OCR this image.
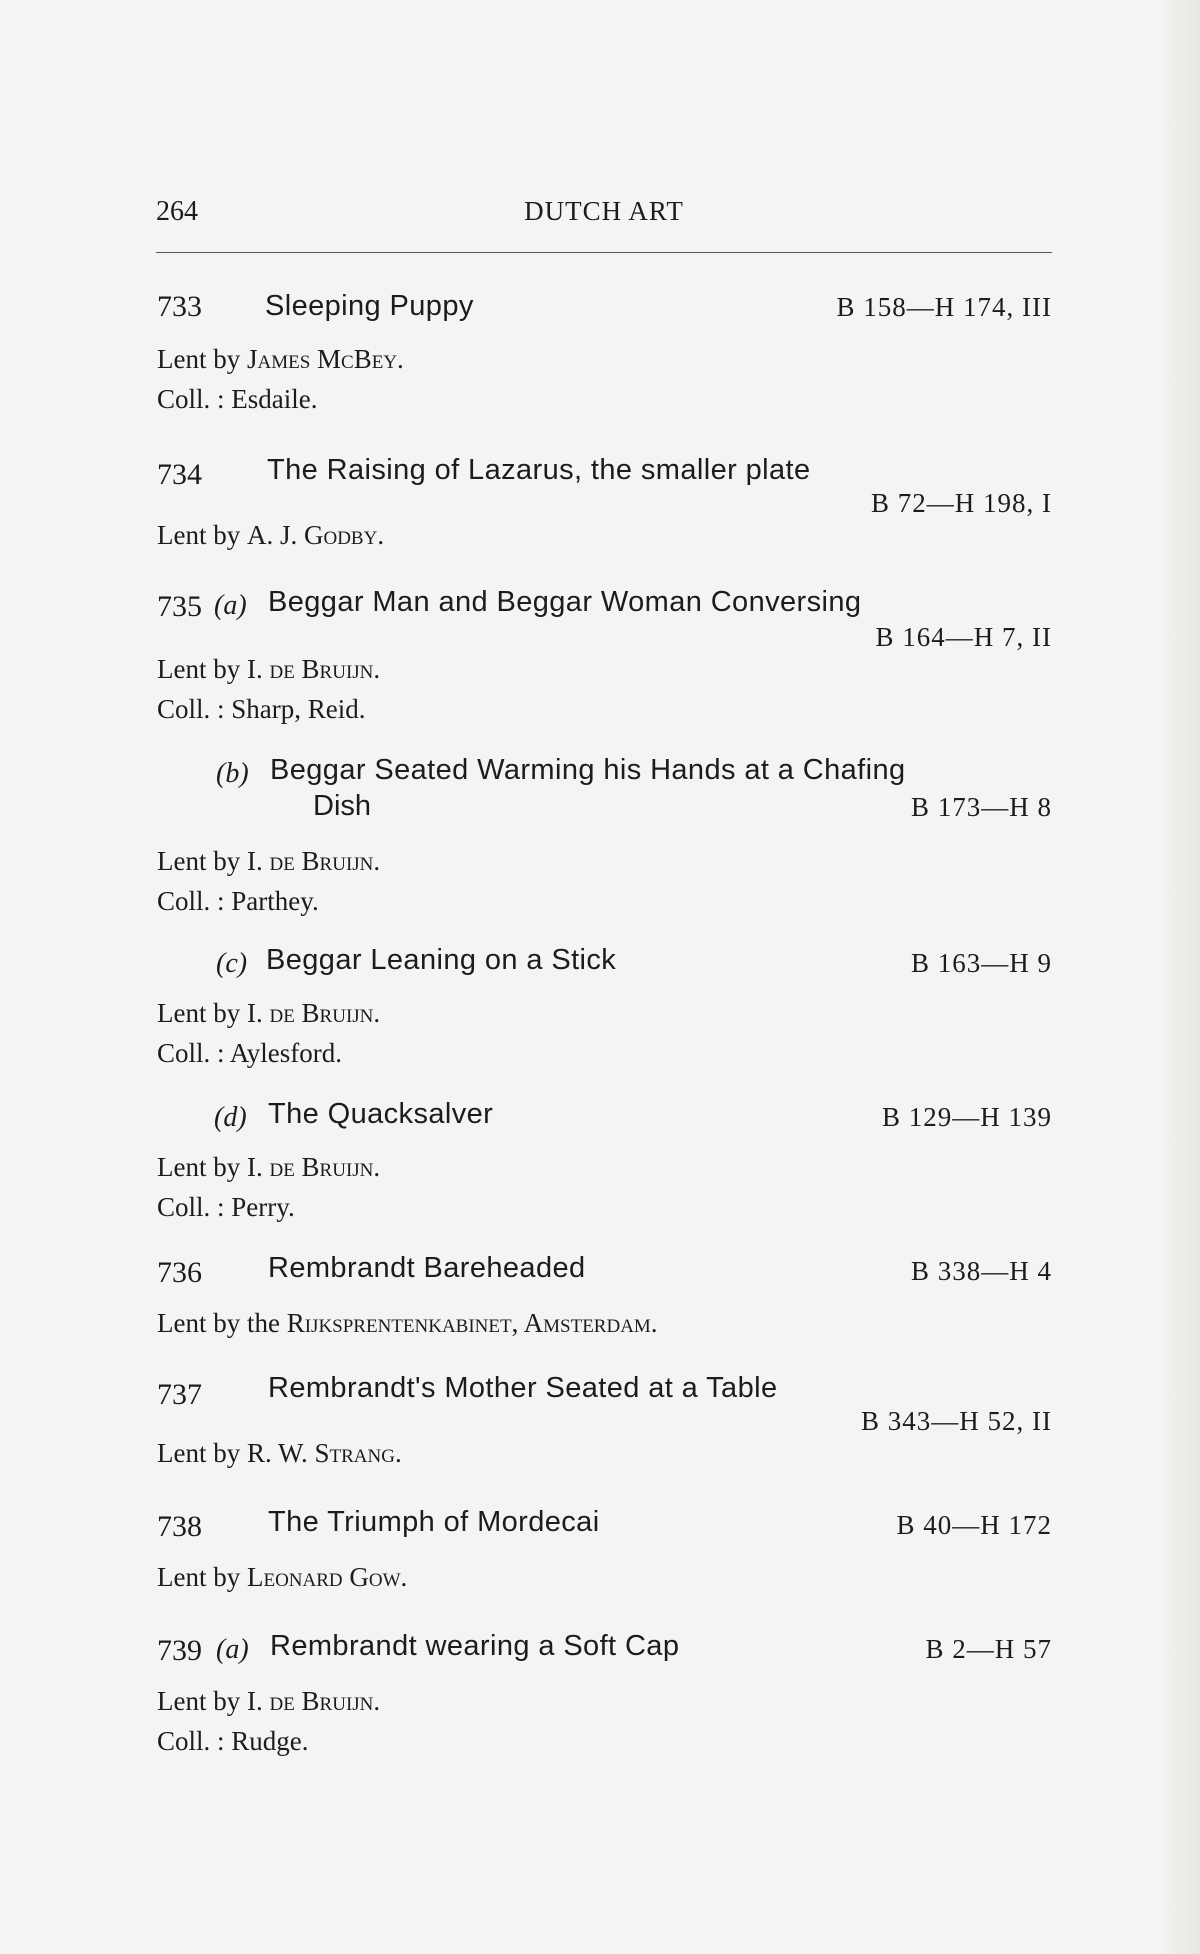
264	DUTCH ART
733 Sleeping Puppy	B 158—H 174, III
Lent by James McBey.
Coll. : Esdaile.
734 The Raising of Lazarus, the smaller plate
B 72—H 198, I
Lent by A. J. Godby.
735 (a) Beggar Man and Beggar Woman Conversing
B 164—H 7, II
Lent by I. de Bruijn.
Coll. : Sharp, Reid.
(b) Beggar Seated Warming his Hands at a Chafing
Dish	B 173—H 8
Lent by I. de Bruijn.
Coll. : Parthey.
(c) Beggar Leaning on a Stick	B 163—H 9
Lent by I. de Bruijn.
Coll. : Aylesford.
(d) The Quacksalver	B 129—H 139
Lent by I. de Bruijn.
Coll. : Perry.
736 Rembrandt Bareheaded	B 338—H 4
Lent by the Rijksprentenkabinet, Amsterdam.
737 Rembrandt's Mother Seated at a Table
B 343—H 52, II
Lent by R. W. Strang.
738 The Triumph of Mordecai	B 40—H 172
Lent by Leonard Gow.
739 (a) Rembrandt wearing a Soft Cap	B 2—H 57
Lent by I. de Bruijn.
Coll. : Rudge.
